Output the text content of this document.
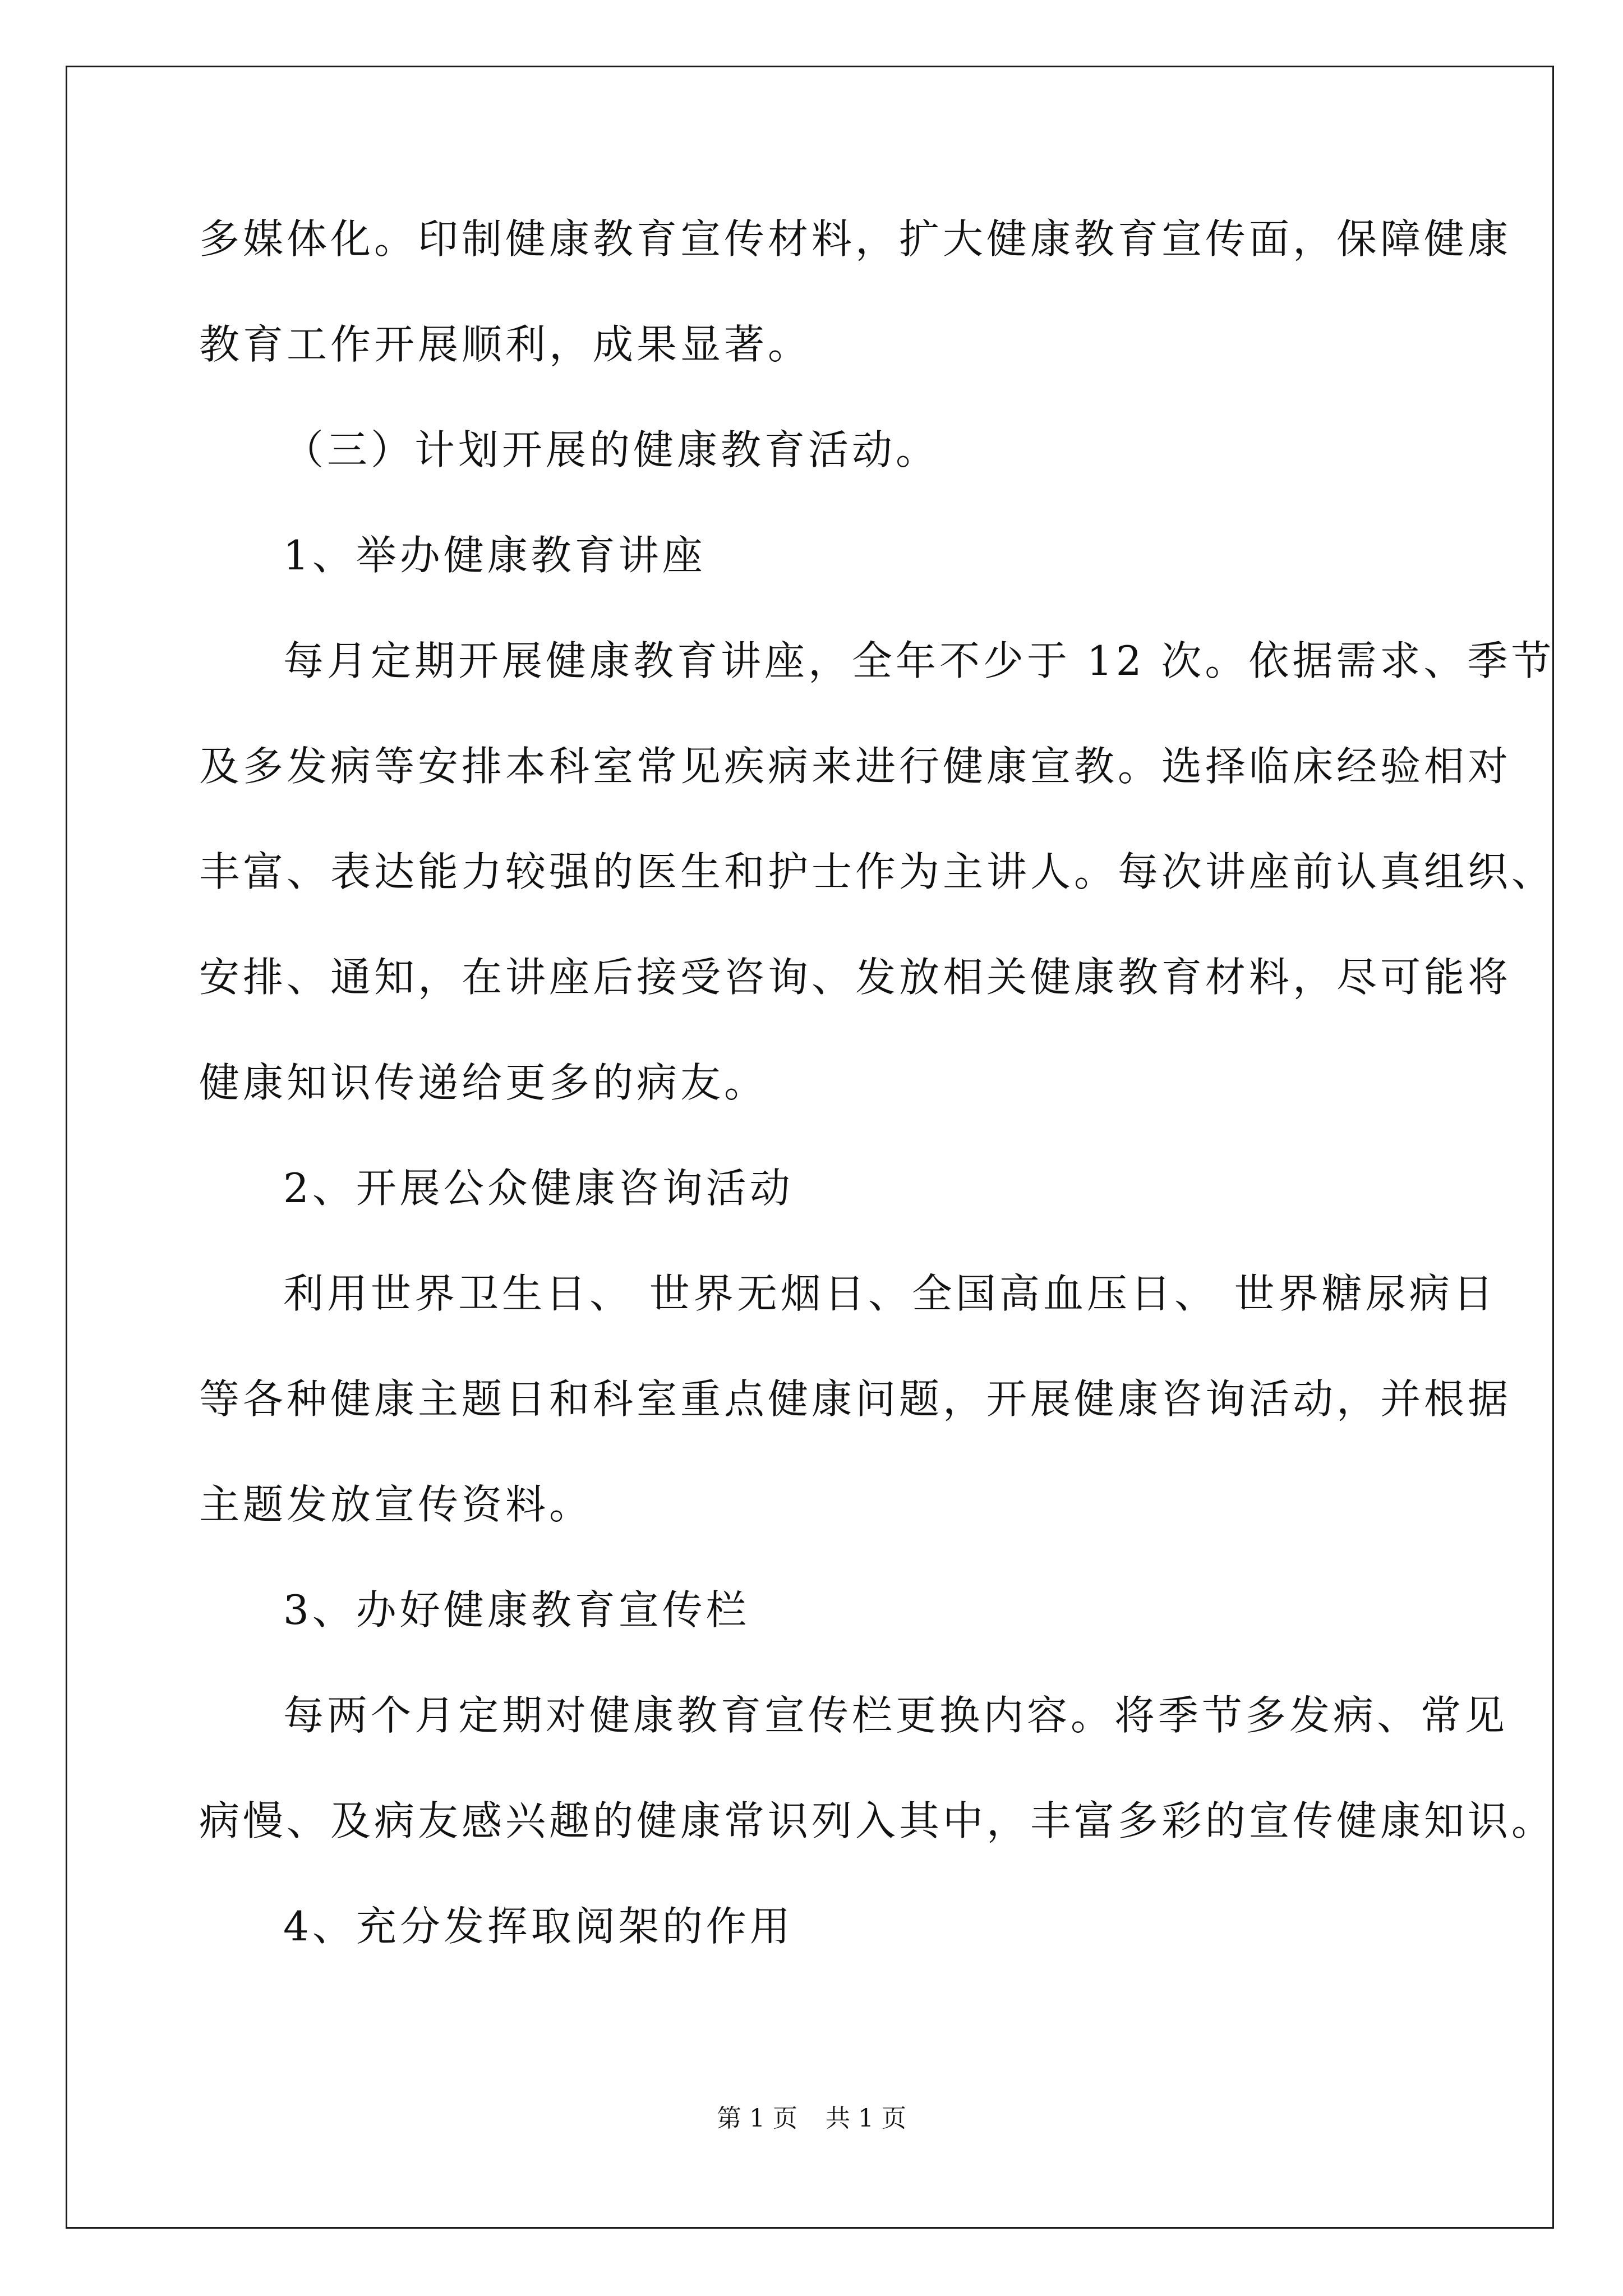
多媒体化。印制健康教育宣传材料，扩大健康教育宣传面，保障健康

教育工作开展顺利，成果显著。

（三）计划开展的健康教育活动。

1、举办健康教育讲座

每月定期开展健康教育讲座，全年不少于 12 次。依据需求、季节

及多发病等安排本科室常见疾病来进行健康宣教。选择临床经验相对

丰富、表达能力较强的医生和护士作为主讲人。每次讲座前认真组织、

安排、通知，在讲座后接受咨询、发放相关健康教育材料，尽可能将

健康知识传递给更多的病友。

2、开展公众健康咨询活动

利用世界卫生日、 世界无烟日、全国高血压日、 世界糖尿病日

等各种健康主题日和科室重点健康问题，开展健康咨询活动，并根据

主题发放宣传资料。

3、办好健康教育宣传栏

每两个月定期对健康教育宣传栏更换内容。将季节多发病、常见

病慢、及病友感兴趣的健康常识列入其中，丰富多彩的宣传健康知识。

4、充分发挥取阅架的作用

第 1 页 共 1 页
